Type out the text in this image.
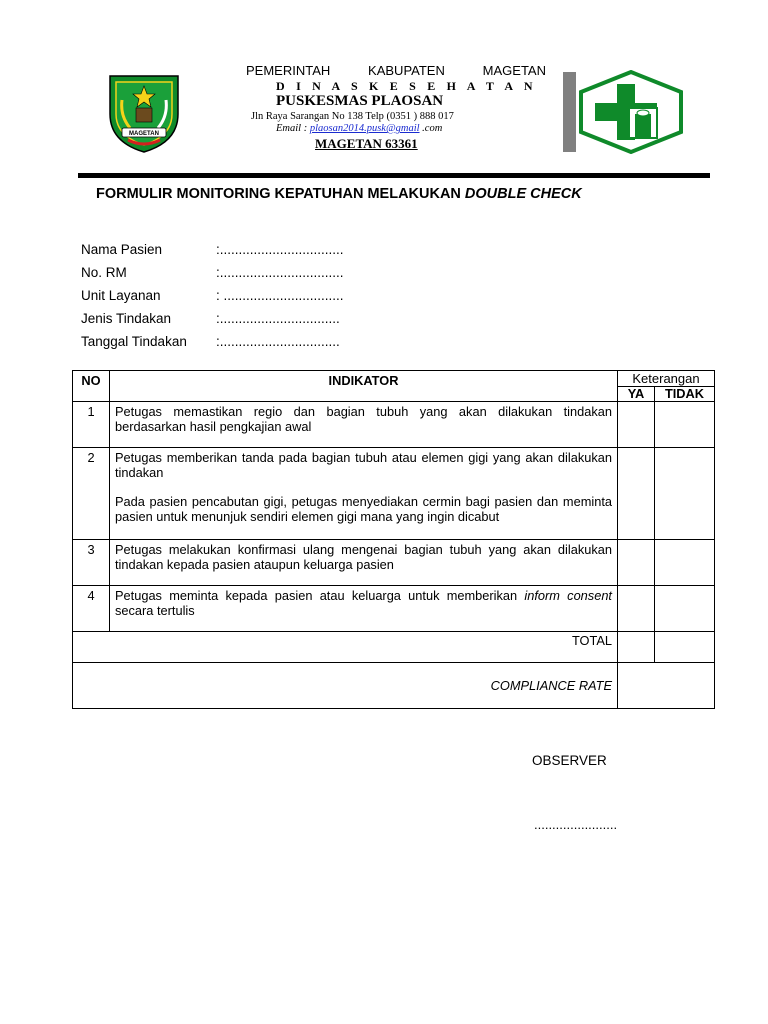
MAGETAN
PEMERINTAH	KABUPATEN	MAGETAN
D I N A S K E S E H A T A N
PUSKESMAS PLAOSAN
Jln Raya Sarangan No 138 Telp (0351 ) 888 017
Email : plaosan2014.pusk@gmail .com
MAGETAN 63361
FORMULIR MONITORING KEPATUHAN MELAKUKAN DOUBLE CHECK
Nama Pasien	:.................................
No. RM	:.................................
Unit Layanan	: ................................
Jenis Tindakan	:................................
Tanggal Tindakan	:................................
NO	INDIKATOR	Keterangan	
		YA	TIDAK
1	Petugas memastikan regio dan bagian tubuh yang akan dilakukan tindakan berdasarkan hasil pengkajian awal		
2	Petugas memberikan tanda pada bagian tubuh atau elemen gigi yang akan dilakukan tindakan
Pada pasien pencabutan gigi, petugas menyediakan cermin bagi pasien dan meminta pasien untuk menunjuk sendiri elemen gigi mana yang ingin dicabut		

3	Petugas melakukan konfirmasi ulang mengenai bagian tubuh yang akan dilakukan tindakan kepada pasien ataupun keluarga pasien		
4	Petugas meminta kepada pasien atau keluarga untuk memberikan inform consent secara tertulis		
TOTAL			
COMPLIANCE RATE			
OBSERVER
.......................
